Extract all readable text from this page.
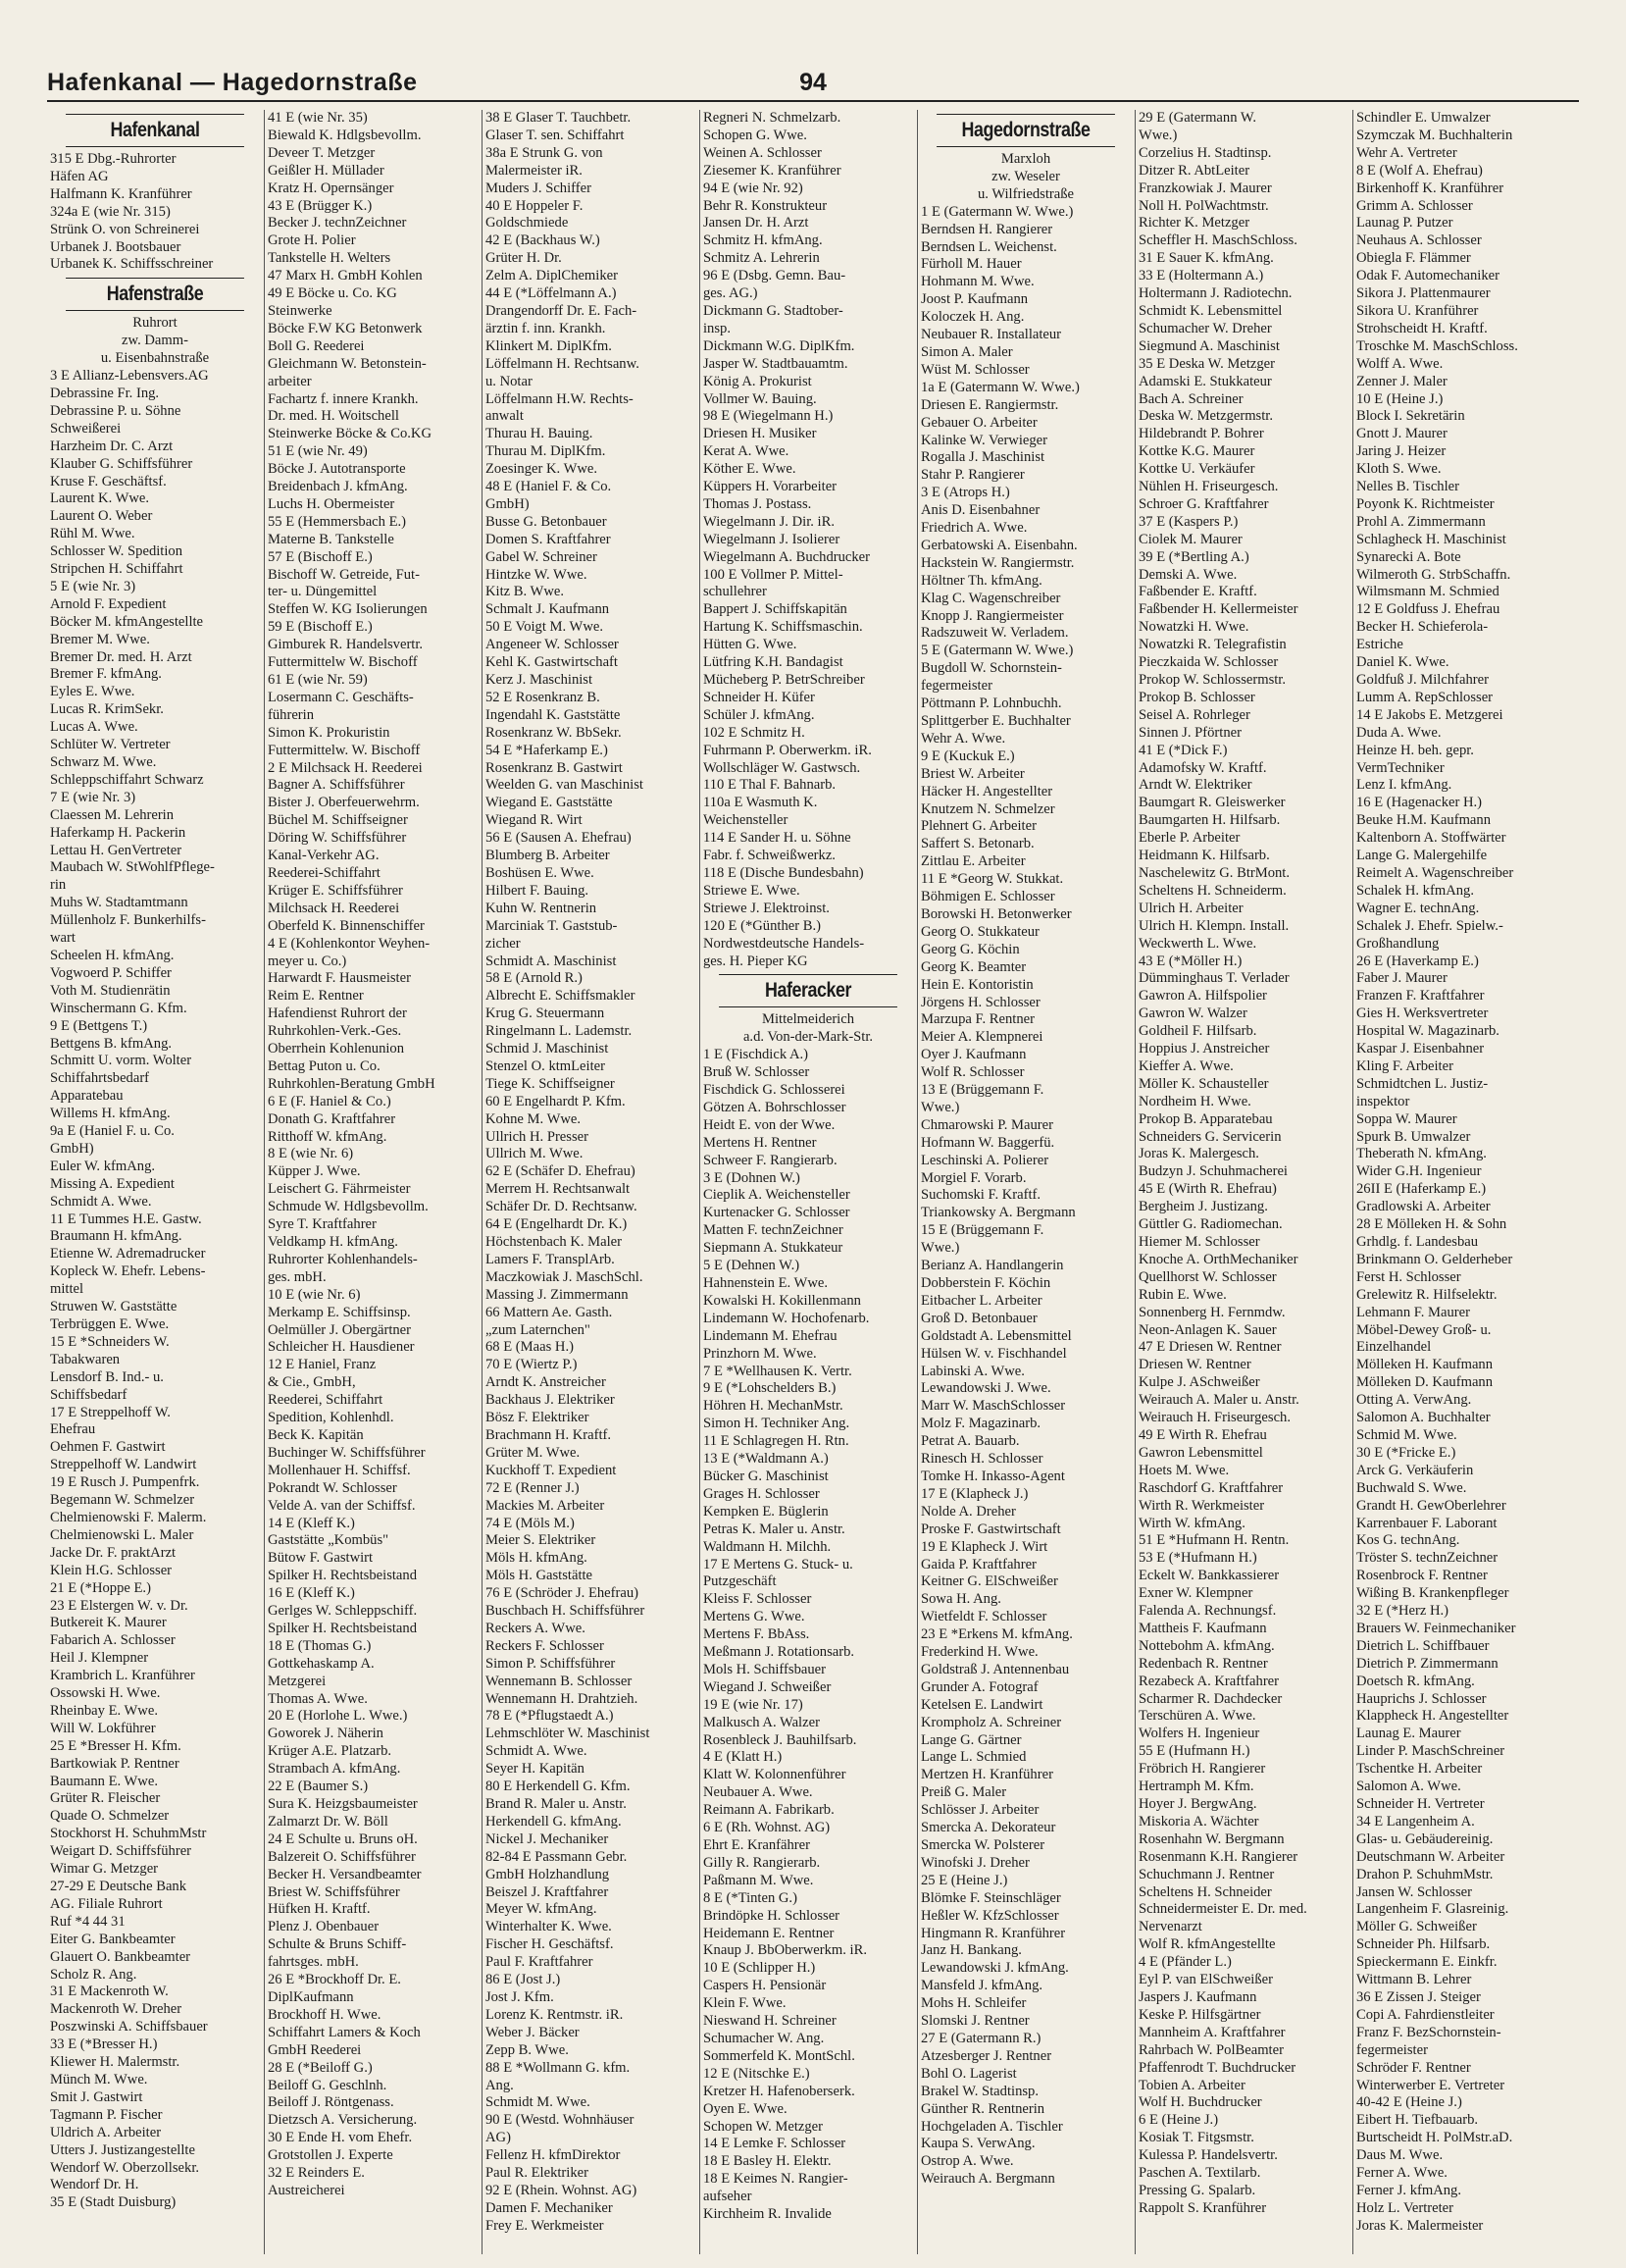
Hafenkanal — Hagedornstraße	94
Hafenkanal
315 E Dbg.-Ruhrorter
Häfen AG
Halfmann K. Kranführer
324a E (wie Nr. 315)
Strünk O. von Schreinerei
Urbanek J. Bootsbauer
Urbanek K. Schiffsschreiner
Hafenstraße
Ruhrort
zw. Damm-
u. Eisenbahnstraße
3 E Allianz-Lebensvers.AG
Debrassine Fr. Ing.
Debrassine P. u. Söhne
Schweißerei
Harzheim Dr. C. Arzt
Klauber G. Schiffsführer
Kruse F. Geschäftsf.
Laurent K. Wwe.
Laurent O. Weber
Rühl M. Wwe.
Schlosser W. Spedition
Stripchen H. Schiffahrt
5 E (wie Nr. 3)
Arnold F. Expedient
Böcker M. kfmAngestellte
Bremer M. Wwe.
Bremer Dr. med. H. Arzt
Bremer F. kfmAng.
Eyles E. Wwe.
Lucas R. KrimSekr.
Lucas A. Wwe.
Schlüter W. Vertreter
Schwarz M. Wwe.
Schleppschiffahrt Schwarz
7 E (wie Nr. 3)
Claessen M. Lehrerin
Haferkamp H. Packerin
Lettau H. GenVertreter
Maubach W. StWohlfPflege-
rin
Muhs W. Stadtamtmann
Müllenholz F. Bunkerhilfs-
wart
Scheelen H. kfmAng.
Vogwoerd P. Schiffer
Voth M. Studienrätin
Winschermann G. Kfm.
9 E (Bettgens T.)
Bettgens B. kfmAng.
Schmitt U. vorm. Wolter
Schiffahrtsbedarf
Apparatebau
Willems H. kfmAng.
9a E (Haniel F. u. Co.
GmbH)
Euler W. kfmAng.
Missing A. Expedient
Schmidt A. Wwe.
11 E Tummes H.E. Gastw.
Braumann H. kfmAng.
Etienne W. Adremadrucker
Kopleck W. Ehefr. Lebens-
mittel
Struwen W. Gaststätte
Terbrüggen E. Wwe.
15 E *Schneiders W.
Tabakwaren
Lensdorf B. Ind.- u.
Schiffsbedarf
17 E Streppelhoff W.
Ehefrau
Oehmen F. Gastwirt
Streppelhoff W. Landwirt
19 E Rusch J. Pumpenfrk.
Begemann W. Schmelzer
Chelmienowski F. Malerm.
Chelmienowski L. Maler
Jacke Dr. F. praktArzt
Klein H.G. Schlosser
21 E (*Hoppe E.)
23 E Elstergen W. v. Dr.
Butkereit K. Maurer
Fabarich A. Schlosser
Heil J. Klempner
Krambrich L. Kranführer
Ossowski H. Wwe.
Rheinbay E. Wwe.
Will W. Lokführer
25 E *Bresser H. Kfm.
Bartkowiak P. Rentner
Baumann E. Wwe.
Grüter R. Fleischer
Quade O. Schmelzer
Stockhorst H. SchuhmMstr
Weigart D. Schiffsführer
Wimar G. Metzger
27-29 E Deutsche Bank
AG. Filiale Ruhrort
Ruf *4 44 31
Eiter G. Bankbeamter
Glauert O. Bankbeamter
Scholz R. Ang.
31 E Mackenroth W.
Mackenroth W. Dreher
Poszwinski A. Schiffsbauer
33 E (*Bresser H.)
Kliewer H. Malermstr.
Münch M. Wwe.
Smit J. Gastwirt
Tagmann P. Fischer
Uldrich A. Arbeiter
Utters J. Justizangestellte
Wendorf W. Oberzollsekr.
Wendorf Dr. H.
35 E (Stadt Duisburg)
41 E (wie Nr. 35)
Biewald K. Hdlgsbevollm.
Deveer T. Metzger
Geißler H. Müllader
Kratz H. Opernsänger
43 E (Brügger K.)
Becker J. technZeichner
Grote H. Polier
Tankstelle H. Welters
47 Marx H. GmbH Kohlen
49 E Böcke u. Co. KG
Steinwerke
Böcke F.W KG Betonwerk
Boll G. Reederei
Gleichmann W. Betonstein-
arbeiter
Fachartz f. innere Krankh.
Dr. med. H. Woitschell
Steinwerke Böcke & Co.KG
51 E (wie Nr. 49)
Böcke J. Autotransporte
Breidenbach J. kfmAng.
Luchs H. Obermeister
55 E (Hemmersbach E.)
Materne B. Tankstelle
57 E (Bischoff E.)
Bischoff W. Getreide, Fut-
ter- u. Düngemittel
Steffen W. KG Isolierungen
59 E (Bischoff E.)
Gimburek R. Handelsvertr.
Futtermittelw W. Bischoff
61 E (wie Nr. 59)
Losermann C. Geschäfts-
führerin
Simon K. Prokuristin
Futtermittelw. W. Bischoff
2 E Milchsack H. Reederei
Bagner A. Schiffsführer
Bister J. Oberfeuerwehrm.
Büchel M. Schiffseigner
Döring W. Schiffsführer
Kanal-Verkehr AG.
Reederei-Schiffahrt
Krüger E. Schiffsführer
Milchsack H. Reederei
Oberfeld K. Binnenschiffer
4 E (Kohlenkontor Weyhen-
meyer u. Co.)
Harwardt F. Hausmeister
Reim E. Rentner
Hafendienst Ruhrort der
Ruhrkohlen-Verk.-Ges.
Oberrhein Kohlenunion
Bettag Puton u. Co.
Ruhrkohlen-Beratung GmbH
6 E (F. Haniel & Co.)
Donath G. Kraftfahrer
Ritthoff W. kfmAng.
8 E (wie Nr. 6)
Küpper J. Wwe.
Leischert G. Fährmeister
Schmude W. Hdlgsbevollm.
Syre T. Kraftfahrer
Veldkamp H. kfmAng.
Ruhrorter Kohlenhandels-
ges. mbH.
10 E (wie Nr. 6)
Merkamp E. Schiffsinsp.
Oelmüller J. Obergärtner
Schleicher H. Hausdiener
12 E Haniel, Franz
& Cie., GmbH,
Reederei, Schiffahrt
Spedition, Kohlenhdl.
Beck K. Kapitän
Buchinger W. Schiffsführer
Mollenhauer H. Schiffsf.
Pokrandt W. Schlosser
Velde A. van der Schiffsf.
14 E (Kleff K.)
Gaststätte „Kombüs"
Bütow F. Gastwirt
Spilker H. Rechtsbeistand
16 E (Kleff K.)
Gerlges W. Schleppschiff.
Spilker H. Rechtsbeistand
18 E (Thomas G.)
Gottkehaskamp A.
Metzgerei
Thomas A. Wwe.
20 E (Horlohe L. Wwe.)
Goworek J. Näherin
Krüger A.E. Platzarb.
Strambach A. kfmAng.
22 E (Baumer S.)
Sura K. Heizgsbaumeister
Zalmarzt Dr. W. Böll
24 E Schulte u. Bruns oH.
Balzereit O. Schiffsführer
Becker H. Versandbeamter
Briest W. Schiffsführer
Hüfken H. Kraftf.
Plenz J. Obenbauer
Schulte & Bruns Schiff-
fahrtsges. mbH.
26 E *Brockhoff Dr. E.
DiplKaufmann
Brockhoff H. Wwe.
Schiffahrt Lamers & Koch
GmbH Reederei
28 E (*Beiloff G.)
Beiloff G. Geschlnh.
Beiloff J. Röntgenass.
Dietzsch A. Versicherung.
30 E Ende H. vom Ehefr.
Grotstollen J. Experte
32 E Reinders E.
Austreicherei
38 E Glaser T. Tauchbetr.
Glaser T. sen. Schiffahrt
38a E Strunk G. von
Malermeister iR.
Muders J. Schiffer
40 E Hoppeler F.
Goldschmiede
42 E (Backhaus W.)
Grüter H. Dr.
Zelm A. DiplChemiker
44 E (*Löffelmann A.)
Drangendorff Dr. E. Fach-
ärztin f. inn. Krankh.
Klinkert M. DiplKfm.
Löffelmann H. Rechtsanw.
u. Notar
Löffelmann H.W. Rechts-
anwalt
Thurau H. Bauing.
Thurau M. DiplKfm.
Zoesinger K. Wwe.
48 E (Haniel F. & Co.
GmbH)
Busse G. Betonbauer
Domen S. Kraftfahrer
Gabel W. Schreiner
Hintzke W. Wwe.
Kitz B. Wwe.
Schmalt J. Kaufmann
50 E Voigt M. Wwe.
Angeneer W. Schlosser
Kehl K. Gastwirtschaft
Kerz J. Maschinist
52 E Rosenkranz B.
Ingendahl K. Gaststätte
Rosenkranz W. BbSekr.
54 E *Haferkamp E.)
Rosenkranz B. Gastwirt
Weelden G. van Maschinist
Wiegand E. Gaststätte
Wiegand R. Wirt
56 E (Sausen A. Ehefrau)
Blumberg B. Arbeiter
Boshüsen E. Wwe.
Hilbert F. Bauing.
Kuhn W. Rentnerin
Marciniak T. Gaststub-
zicher
Schmidt A. Maschinist
58 E (Arnold R.)
Albrecht E. Schiffsmakler
Krug G. Steuermann
Ringelmann L. Lademstr.
Schmid J. Maschinist
Stenzel O. ktmLeiter
Tiege K. Schiffseigner
60 E Engelhardt P. Kfm.
Kohne M. Wwe.
Ullrich H. Presser
Ullrich M. Wwe.
62 E (Schäfer D. Ehefrau)
Merrem H. Rechtsanwalt
Schäfer Dr. D. Rechtsanw.
64 E (Engelhardt Dr. K.)
Höchstenbach K. Maler
Lamers F. TransplArb.
Maczkowiak J. MaschSchl.
Massing J. Zimmermann
66 Mattern Ae. Gasth.
„zum Laternchen"
68 E (Maas H.)
70 E (Wiertz P.)
Arndt K. Anstreicher
Backhaus J. Elektriker
Bösz F. Elektriker
Brachmann H. Kraftf.
Grüter M. Wwe.
Kuckhoff T. Expedient
72 E (Renner J.)
Mackies M. Arbeiter
74 E (Möls M.)
Meier S. Elektriker
Möls H. kfmAng.
Möls H. Gaststätte
76 E (Schröder J. Ehefrau)
Buschbach H. Schiffsführer
Reckers A. Wwe.
Reckers F. Schlosser
Simon P. Schiffsführer
Wennemann B. Schlosser
Wennemann H. Drahtzieh.
78 E (*Pflugstaedt A.)
Lehmschlöter W. Maschinist
Schmidt A. Wwe.
Seyer H. Kapitän
80 E Herkendell G. Kfm.
Brand R. Maler u. Anstr.
Herkendell G. kfmAng.
Nickel J. Mechaniker
82-84 E Passmann Gebr.
GmbH Holzhandlung
Beiszel J. Kraftfahrer
Meyer W. kfmAng.
Winterhalter K. Wwe.
Fischer H. Geschäftsf.
Paul F. Kraftfahrer
86 E (Jost J.)
Jost J. Kfm.
Lorenz K. Rentmstr. iR.
Weber J. Bäcker
Zepp B. Wwe.
88 E *Wollmann G. kfm.
Ang.
Schmidt M. Wwe.
90 E (Westd. Wohnhäuser
AG)
Fellenz H. kfmDirektor
Paul R. Elektriker
92 E (Rhein. Wohnst. AG)
Damen F. Mechaniker
Frey E. Werkmeister
Regneri N. Schmelzarb.
Schopen G. Wwe.
Weinen A. Schlosser
Ziesemer K. Kranführer
94 E (wie Nr. 92)
Behr R. Konstrukteur
Jansen Dr. H. Arzt
Schmitz H. kfmAng.
Schmitz A. Lehrerin
96 E (Dsbg. Gemn. Bau-
ges. AG.)
Dickmann G. Stadtober-
insp.
Dickmann W.G. DiplKfm.
Jasper W. Stadtbauamtm.
König A. Prokurist
Vollmer W. Bauing.
98 E (Wiegelmann H.)
Driesen H. Musiker
Kerat A. Wwe.
Köther E. Wwe.
Küppers H. Vorarbeiter
Thomas J. Postass.
Wiegelmann J. Dir. iR.
Wiegelmann J. Isolierer
Wiegelmann A. Buchdrucker
100 E Vollmer P. Mittel-
schullehrer
Bappert J. Schiffskapitän
Hartung K. Schiffsmaschin.
Hütten G. Wwe.
Lütfring K.H. Bandagist
Mücheberg P. BetrSchreiber
Schneider H. Küfer
Schüler J. kfmAng.
102 E Schmitz H.
Fuhrmann P. Oberwerkm. iR.
Wollschläger W. Gastwsch.
110 E Thal F. Bahnarb.
110a E Wasmuth K.
Weichensteller
114 E Sander H. u. Söhne
Fabr. f. Schweißwerkz.
118 E (Dische Bundesbahn)
Striewe E. Wwe.
Striewe J. Elektroinst.
120 E (*Günther B.)
Nordwestdeutsche Handels-
ges. H. Pieper KG
Haferacker
Mittelmeiderich
a.d. Von-der-Mark-Str.
1 E (Fischdick A.)
Bruß W. Schlosser
Fischdick G. Schlosserei
Götzen A. Bohrschlosser
Heidt E. von der Wwe.
Mertens H. Rentner
Schweer F. Rangierarb.
3 E (Dohnen W.)
Cieplik A. Weichensteller
Kurtenacker G. Schlosser
Matten F. technZeichner
Siepmann A. Stukkateur
5 E (Dehnen W.)
Hahnenstein E. Wwe.
Kowalski H. Kokillenmann
Lindemann W. Hochofenarb.
Lindemann M. Ehefrau
Prinzhorn M. Wwe.
7 E *Wellhausen K. Vertr.
9 E (*Lohschelders B.)
Höhren H. MechanMstr.
Simon H. Techniker Ang.
11 E Schlagregen H. Rtn.
13 E (*Waldmann A.)
Bücker G. Maschinist
Grages H. Schlosser
Kempken E. Büglerin
Petras K. Maler u. Anstr.
Waldmann H. Milchh.
17 E Mertens G. Stuck- u.
Putzgeschäft
Kleiss F. Schlosser
Mertens G. Wwe.
Mertens F. BbAss.
Meßmann J. Rotationsarb.
Mols H. Schiffsbauer
Wiegand J. Schweißer
19 E (wie Nr. 17)
Malkusch A. Walzer
Rosenbleck J. Bauhilfsarb.
4 E (Klatt H.)
Klatt W. Kolonnenführer
Neubauer A. Wwe.
Reimann A. Fabrikarb.
6 E (Rh. Wohnst. AG)
Ehrt E. Kranfährer
Gilly R. Rangierarb.
Paßmann M. Wwe.
8 E (*Tinten G.)
Brindöpke H. Schlosser
Heidemann E. Rentner
Knaup J. BbOberwerkm. iR.
10 E (Schlipper H.)
Caspers H. Pensionär
Klein F. Wwe.
Nieswand H. Schreiner
Schumacher W. Ang.
Sommerfeld K. MontSchl.
12 E (Nitschke E.)
Kretzer H. Hafenoberserk.
Oyen E. Wwe.
Schopen W. Metzger
14 E Lemke F. Schlosser
18 E Basley H. Elektr.
18 E Keimes N. Rangier-
aufseher
Kirchheim R. Invalide
Hagedornstraße
Marxloh
zw. Weseler
u. Wilfriedstraße
1 E (Gatermann W. Wwe.)
Berndsen H. Rangierer
Berndsen L. Weichenst.
Fürholl M. Hauer
Hohmann M. Wwe.
Joost P. Kaufmann
Koloczek H. Ang.
Neubauer R. Installateur
Simon A. Maler
Wüst M. Schlosser
1a E (Gatermann W. Wwe.)
Driesen E. Rangiermstr.
Gebauer O. Arbeiter
Kalinke W. Verwieger
Rogalla J. Maschinist
Stahr P. Rangierer
3 E (Atrops H.)
Anis D. Eisenbahner
Friedrich A. Wwe.
Gerbatowski A. Eisenbahn.
Hackstein W. Rangiermstr.
Höltner Th. kfmAng.
Klag C. Wagenschreiber
Knopp J. Rangiermeister
Radszuweit W. Verladem.
5 E (Gatermann W. Wwe.)
Bugdoll W. Schornstein-
fegermeister
Pöttmann P. Lohnbuchh.
Splittgerber E. Buchhalter
Wehr A. Wwe.
9 E (Kuckuk E.)
Briest W. Arbeiter
Häcker H. Angestellter
Knutzem N. Schmelzer
Plehnert G. Arbeiter
Saffert S. Betonarb.
Zittlau E. Arbeiter
11 E *Georg W. Stukkat.
Böhmigen E. Schlosser
Borowski H. Betonwerker
Georg O. Stukkateur
Georg G. Köchin
Georg K. Beamter
Hein E. Kontoristin
Jörgens H. Schlosser
Marzupa F. Rentner
Meier A. Klempnerei
Oyer J. Kaufmann
Wolf R. Schlosser
13 E (Brüggemann F.
Wwe.)
Chmarowski P. Maurer
Hofmann W. Baggerfü.
Leschinski A. Polierer
Morgiel F. Vorarb.
Suchomski F. Kraftf.
Triankowsky A. Bergmann
15 E (Brüggemann F.
Wwe.)
Berianz A. Handlangerin
Dobberstein F. Köchin
Eitbacher L. Arbeiter
Groß D. Betonbauer
Goldstadt A. Lebensmittel
Hülsen W. v. Fischhandel
Labinski A. Wwe.
Lewandowski J. Wwe.
Marr W. MaschSchlosser
Molz F. Magazinarb.
Petrat A. Bauarb.
Rinesch H. Schlosser
Tomke H. Inkasso-Agent
17 E (Klapheck J.)
Nolde A. Dreher
Proske F. Gastwirtschaft
19 E Klapheck J. Wirt
Gaida P. Kraftfahrer
Keitner G. ElSchweißer
Sowa H. Ang.
Wietfeldt F. Schlosser
23 E *Erkens M. kfmAng.
Frederkind H. Wwe.
Goldstraß J. Antennenbau
Grunder A. Fotograf
Ketelsen E. Landwirt
Krompholz A. Schreiner
Lange G. Gärtner
Lange L. Schmied
Mertzen H. Kranführer
Preiß G. Maler
Schlösser J. Arbeiter
Smercka A. Dekorateur
Smercka W. Polsterer
Winofski J. Dreher
25 E (Heine J.)
Blömke F. Steinschläger
Heßler W. KfzSchlosser
Hingmann R. Kranführer
Janz H. Bankang.
Lewandowski J. kfmAng.
Mansfeld J. kfmAng.
Mohs H. Schleifer
Slomski J. Rentner
27 E (Gatermann R.)
Atzesberger J. Rentner
Bohl O. Lagerist
Brakel W. Stadtinsp.
Günther R. Rentnerin
Hochgeladen A. Tischler
Kaupa S. VerwAng.
Ostrop A. Wwe.
Weirauch A. Bergmann
29 E (Gatermann W.
Wwe.)
Corzelius H. Stadtinsp.
Ditzer R. AbtLeiter
Franzkowiak J. Maurer
Noll H. PolWachtmstr.
Richter K. Metzger
Scheffler H. MaschSchloss.
31 E Sauer K. kfmAng.
33 E (Holtermann A.)
Holtermann J. Radiotechn.
Schmidt K. Lebensmittel
Schumacher W. Dreher
Siegmund A. Maschinist
35 E Deska W. Metzger
Adamski E. Stukkateur
Bach A. Schreiner
Deska W. Metzgermstr.
Hildebrandt P. Bohrer
Kottke K.G. Maurer
Kottke U. Verkäufer
Nühlen H. Friseurgesch.
Schroer G. Kraftfahrer
37 E (Kaspers P.)
Ciolek M. Maurer
39 E (*Bertling A.)
Demski A. Wwe.
Faßbender E. Kraftf.
Faßbender H. Kellermeister
Nowatzki H. Wwe.
Nowatzki R. Telegrafistin
Pieczkaida W. Schlosser
Prokop W. Schlossermstr.
Prokop B. Schlosser
Seisel A. Rohrleger
Sinnen J. Pförtner
41 E (*Dick F.)
Adamofsky W. Kraftf.
Arndt W. Elektriker
Baumgart R. Gleiswerker
Baumgarten H. Hilfsarb.
Eberle P. Arbeiter
Heidmann K. Hilfsarb.
Naschelewitz G. BtrMont.
Scheltens H. Schneiderm.
Ulrich H. Arbeiter
Ulrich H. Klempn. Install.
Weckwerth L. Wwe.
43 E (*Möller H.)
Dümminghaus T. Verlader
Gawron A. Hilfspolier
Gawron W. Walzer
Goldheil F. Hilfsarb.
Hoppius J. Anstreicher
Kieffer A. Wwe.
Möller K. Schausteller
Nordheim H. Wwe.
Prokop B. Apparatebau
Schneiders G. Servicerin
Joras K. Malergesch.
Budzyn J. Schuhmacherei
45 E (Wirth R. Ehefrau)
Bergheim J. Justizang.
Güttler G. Radiomechan.
Hiemer M. Schlosser
Knoche A. OrthMechaniker
Quellhorst W. Schlosser
Rubin E. Wwe.
Sonnenberg H. Fernmdw.
Neon-Anlagen K. Sauer
47 E Driesen W. Rentner
Driesen W. Rentner
Kulpe J. ASchweißer
Weirauch A. Maler u. Anstr.
Weirauch H. Friseurgesch.
49 E Wirth R. Ehefrau
Gawron Lebensmittel
Hoets M. Wwe.
Raschdorf G. Kraftfahrer
Wirth R. Werkmeister
Wirth W. kfmAng.
51 E *Hufmann H. Rentn.
53 E (*Hufmann H.)
Eckelt W. Bankkassierer
Exner W. Klempner
Falenda A. Rechnungsf.
Mattheis F. Kaufmann
Nottebohm A. kfmAng.
Redenbach R. Rentner
Rezabeck A. Kraftfahrer
Scharmer R. Dachdecker
Terschüren A. Wwe.
Wolfers H. Ingenieur
55 E (Hufmann H.)
Fröbrich H. Rangierer
Hertramph M. Kfm.
Hoyer J. BergwAng.
Miskoria A. Wächter
Rosenhahn W. Bergmann
Rosenmann K.H. Rangierer
Schuchmann J. Rentner
Scheltens H. Schneider
Schneidermeister E. Dr. med.
Nervenarzt
Wolf R. kfmAngestellte
4 E (Pfänder L.)
Eyl P. van ElSchweißer
Jaspers J. Kaufmann
Keske P. Hilfsgärtner
Mannheim A. Kraftfahrer
Rahrbach W. PolBeamter
Pfaffenrodt T. Buchdrucker
Tobien A. Arbeiter
Wolf H. Buchdrucker
6 E (Heine J.)
Kosiak T. Fitgsmstr.
Kulessa P. Handelsvertr.
Paschen A. Textilarb.
Pressing G. Spalarb.
Rappolt S. Kranführer
Schindler E. Umwalzer
Szymczak M. Buchhalterin
Wehr A. Vertreter
8 E (Wolf A. Ehefrau)
Birkenhoff K. Kranführer
Grimm A. Schlosser
Launag P. Putzer
Neuhaus A. Schlosser
Obiegla F. Flämmer
Odak F. Automechaniker
Sikora J. Plattenmaurer
Sikora U. Kranführer
Strohscheidt H. Kraftf.
Troschke M. MaschSchloss.
Wolff A. Wwe.
Zenner J. Maler
10 E (Heine J.)
Block I. Sekretärin
Gnott J. Maurer
Jaring J. Heizer
Kloth S. Wwe.
Nelles B. Tischler
Poyonk K. Richtmeister
Prohl A. Zimmermann
Schlagheck H. Maschinist
Synarecki A. Bote
Wilmeroth G. StrbSchaffn.
Wilmsmann M. Schmied
12 E Goldfuss J. Ehefrau
Becker H. Schieferola-
Estriche
Daniel K. Wwe.
Goldfuß J. Milchfahrer
Lumm A. RepSchlosser
14 E Jakobs E. Metzgerei
Duda A. Wwe.
Heinze H. beh. gepr.
VermTechniker
Lenz I. kfmAng.
16 E (Hagenacker H.)
Beuke H.M. Kaufmann
Kaltenborn A. Stoffwärter
Lange G. Malergehilfe
Reimelt A. Wagenschreiber
Schalek H. kfmAng.
Wagner E. technAng.
Schalek J. Ehefr. Spielw.-
Großhandlung
26 E (Haverkamp E.)
Faber J. Maurer
Franzen F. Kraftfahrer
Gies H. Werksvertreter
Hospital W. Magazinarb.
Kaspar J. Eisenbahner
Kling F. Arbeiter
Schmidtchen L. Justiz-
inspektor
Soppa W. Maurer
Spurk B. Umwalzer
Theberath N. kfmAng.
Wider G.H. Ingenieur
26II E (Haferkamp E.)
Gradlowski A. Arbeiter
28 E Mölleken H. & Sohn
Grhdlg. f. Landesbau
Brinkmann O. Gelderheber
Ferst H. Schlosser
Grelewitz R. Hilfselektr.
Lehmann F. Maurer
Möbel-Dewey Groß- u.
Einzelhandel
Mölleken H. Kaufmann
Mölleken D. Kaufmann
Otting A. VerwAng.
Salomon A. Buchhalter
Schmid M. Wwe.
30 E (*Fricke E.)
Arck G. Verkäuferin
Buchwald S. Wwe.
Grandt H. GewOberlehrer
Karrenbauer F. Laborant
Kos G. technAng.
Tröster S. technZeichner
Rosenbrock F. Rentner
Wißing B. Krankenpfleger
32 E (*Herz H.)
Brauers W. Feinmechaniker
Dietrich L. Schiffbauer
Dietrich P. Zimmermann
Doetsch R. kfmAng.
Hauprichs J. Schlosser
Klappheck H. Angestellter
Launag E. Maurer
Linder P. MaschSchreiner
Tschentke H. Arbeiter
Salomon A. Wwe.
Schneider H. Vertreter
34 E Langenheim A.
Glas- u. Gebäudereinig.
Deutschmann W. Arbeiter
Drahon P. SchuhmMstr.
Jansen W. Schlosser
Langenheim F. Glasreinig.
Möller G. Schweißer
Schneider Ph. Hilfsarb.
Spieckermann E. Einkfr.
Wittmann B. Lehrer
36 E Zissen J. Steiger
Copi A. Fahrdienstleiter
Franz F. BezSchornstein-
fegermeister
Schröder F. Rentner
Winterwerber E. Vertreter
40-42 E (Heine J.)
Eibert H. Tiefbauarb.
Burtscheidt H. PolMstr.aD.
Daus M. Wwe.
Ferner A. Wwe.
Ferner J. kfmAng.
Holz L. Vertreter
Joras K. Malermeister
